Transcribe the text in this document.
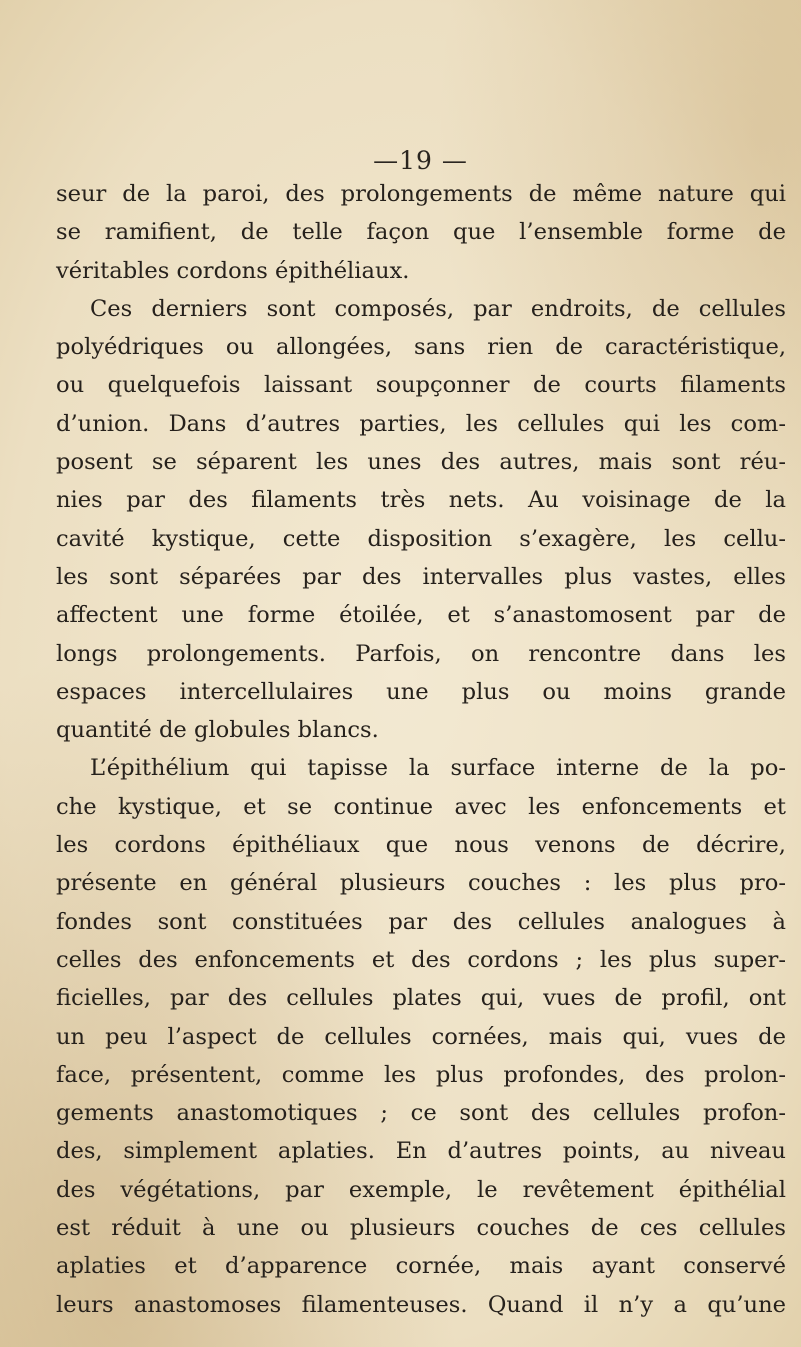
—19 —
seur de la paroi, des prolongements de même nature qui
se ramifient, de telle façon que l’ensemble forme de
véritables cordons épithéliaux.
Ces derniers sont composés, par endroits, de cellules
polyédriques ou allongées, sans rien de caractéristique,
ou quelquefois laissant soupçonner de courts filaments
d’union. Dans d’autres parties, les cellules qui les com-
posent se séparent les unes des autres, mais sont réu-
nies par des filaments très nets. Au voisinage de la
cavité kystique, cette disposition s’exagère, les cellu-
les sont séparées par des intervalles plus vastes, elles
affectent une forme étoilée, et s’anastomosent par de
longs prolongements. Parfois, on rencontre dans les
espaces intercellulaires une plus ou moins grande
quantité de globules blancs.
L’épithélium qui tapisse la surface interne de la po-
che kystique, et se continue avec les enfoncements et
les cordons épithéliaux que nous venons de décrire,
présente en général plusieurs couches : les plus pro-
fondes sont constituées par des cellules analogues à
celles des enfoncements et des cordons ; les plus super-
ficielles, par des cellules plates qui, vues de profil, ont
un peu l’aspect de cellules cornées, mais qui, vues de
face, présentent, comme les plus profondes, des prolon-
gements anastomotiques ; ce sont des cellules profon-
des, simplement aplaties. En d’autres points, au niveau
des végétations, par exemple, le revêtement épithélial
est réduit à une ou plusieurs couches de ces cellules
aplaties et d’apparence cornée, mais ayant conservé
leurs anastomoses filamenteuses. Quand il n’y a qu’une
